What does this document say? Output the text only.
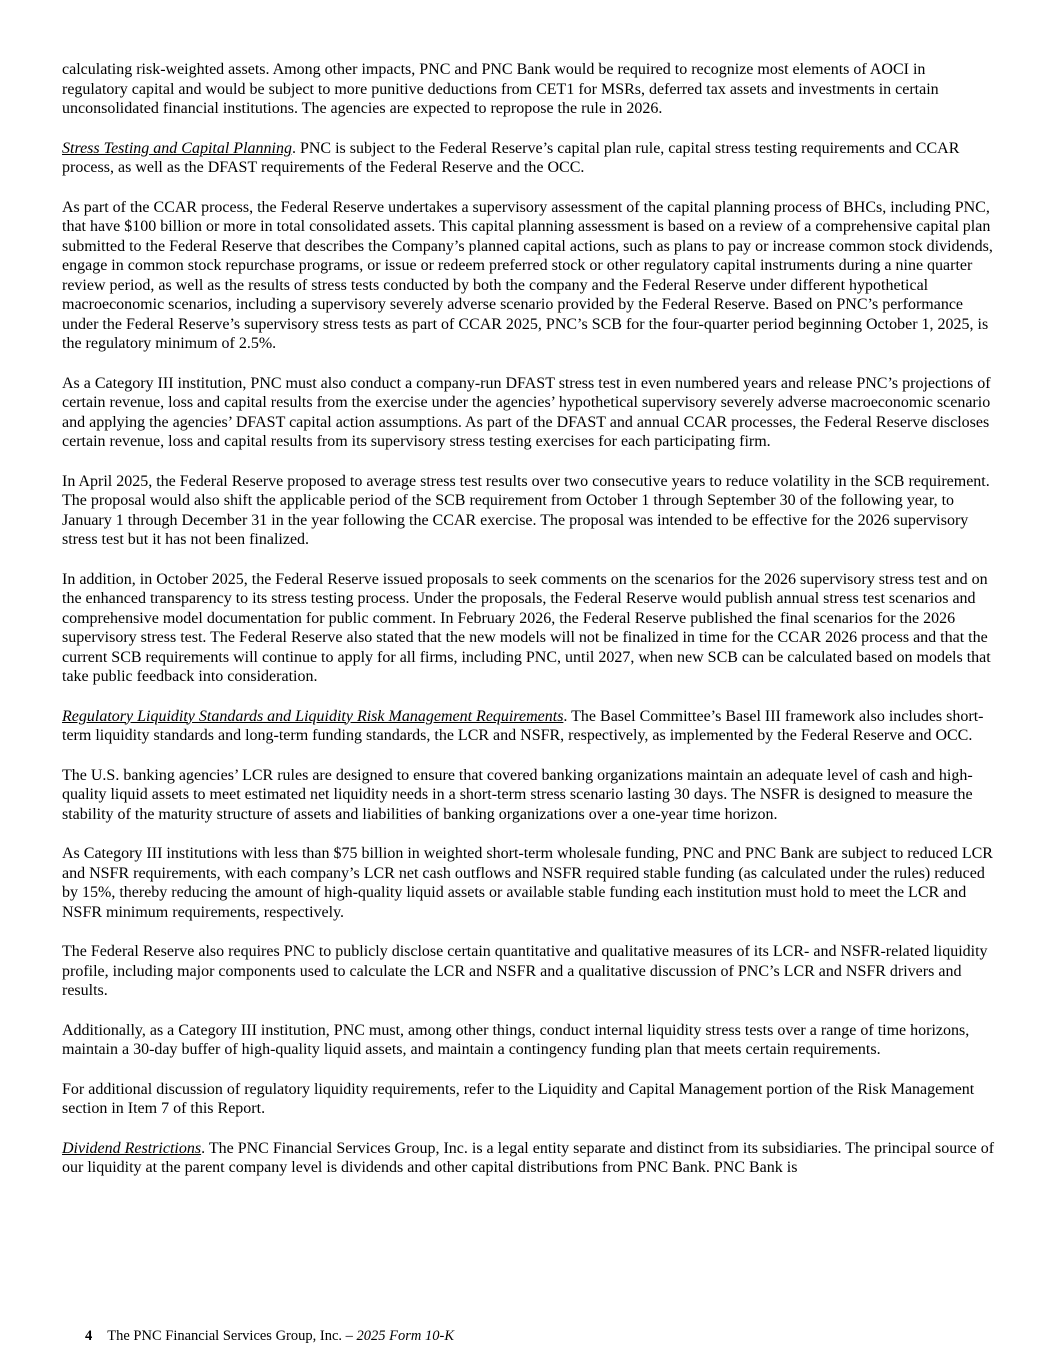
calculating risk-weighted assets. Among other impacts, PNC and PNC Bank would be required to recognize most elements of AOCI in regulatory capital and would be subject to more punitive deductions from CET1 for MSRs, deferred tax assets and investments in certain unconsolidated financial institutions. The agencies are expected to repropose the rule in 2026.

Stress Testing and Capital Planning. PNC is subject to the Federal Reserve’s capital plan rule, capital stress testing requirements and CCAR process, as well as the DFAST requirements of the Federal Reserve and the OCC.

As part of the CCAR process, the Federal Reserve undertakes a supervisory assessment of the capital planning process of BHCs, including PNC, that have $100 billion or more in total consolidated assets. This capital planning assessment is based on a review of a comprehensive capital plan submitted to the Federal Reserve that describes the Company’s planned capital actions, such as plans to pay or increase common stock dividends, engage in common stock repurchase programs, or issue or redeem preferred stock or other regulatory capital instruments during a nine quarter review period, as well as the results of stress tests conducted by both the company and the Federal Reserve under different hypothetical macroeconomic scenarios, including a supervisory severely adverse scenario provided by the Federal Reserve. Based on PNC’s performance under the Federal Reserve’s supervisory stress tests as part of CCAR 2025, PNC’s SCB for the four-quarter period beginning October 1, 2025, is the regulatory minimum of 2.5%.

As a Category III institution, PNC must also conduct a company-run DFAST stress test in even numbered years and release PNC’s projections of certain revenue, loss and capital results from the exercise under the agencies’ hypothetical supervisory severely adverse macroeconomic scenario and applying the agencies’ DFAST capital action assumptions. As part of the DFAST and annual CCAR processes, the Federal Reserve discloses certain revenue, loss and capital results from its supervisory stress testing exercises for each participating firm.

In April 2025, the Federal Reserve proposed to average stress test results over two consecutive years to reduce volatility in the SCB requirement. The proposal would also shift the applicable period of the SCB requirement from October 1 through September 30 of the following year, to January 1 through December 31 in the year following the CCAR exercise. The proposal was intended to be effective for the 2026 supervisory stress test but it has not been finalized.

In addition, in October 2025, the Federal Reserve issued proposals to seek comments on the scenarios for the 2026 supervisory stress test and on the enhanced transparency to its stress testing process. Under the proposals, the Federal Reserve would publish annual stress test scenarios and comprehensive model documentation for public comment. In February 2026, the Federal Reserve published the final scenarios for the 2026 supervisory stress test. The Federal Reserve also stated that the new models will not be finalized in time for the CCAR 2026 process and that the current SCB requirements will continue to apply for all firms, including PNC, until 2027, when new SCB can be calculated based on models that take public feedback into consideration.

Regulatory Liquidity Standards and Liquidity Risk Management Requirements. The Basel Committee’s Basel III framework also includes short-term liquidity standards and long-term funding standards, the LCR and NSFR, respectively, as implemented by the Federal Reserve and OCC.

The U.S. banking agencies’ LCR rules are designed to ensure that covered banking organizations maintain an adequate level of cash and high-quality liquid assets to meet estimated net liquidity needs in a short-term stress scenario lasting 30 days. The NSFR is designed to measure the stability of the maturity structure of assets and liabilities of banking organizations over a one-year time horizon.

As Category III institutions with less than $75 billion in weighted short-term wholesale funding, PNC and PNC Bank are subject to reduced LCR and NSFR requirements, with each company’s LCR net cash outflows and NSFR required stable funding (as calculated under the rules) reduced by 15%, thereby reducing the amount of high-quality liquid assets or available stable funding each institution must hold to meet the LCR and NSFR minimum requirements, respectively.

The Federal Reserve also requires PNC to publicly disclose certain quantitative and qualitative measures of its LCR- and NSFR-related liquidity profile, including major components used to calculate the LCR and NSFR and a qualitative discussion of PNC’s LCR and NSFR drivers and results.

Additionally, as a Category III institution, PNC must, among other things, conduct internal liquidity stress tests over a range of time horizons, maintain a 30-day buffer of high-quality liquid assets, and maintain a contingency funding plan that meets certain requirements.

For additional discussion of regulatory liquidity requirements, refer to the Liquidity and Capital Management portion of the Risk Management section in Item 7 of this Report.

Dividend Restrictions. The PNC Financial Services Group, Inc. is a legal entity separate and distinct from its subsidiaries. The principal source of our liquidity at the parent company level is dividends and other capital distributions from PNC Bank. PNC Bank is

4 The PNC Financial Services Group, Inc. – 2025 Form 10-K
